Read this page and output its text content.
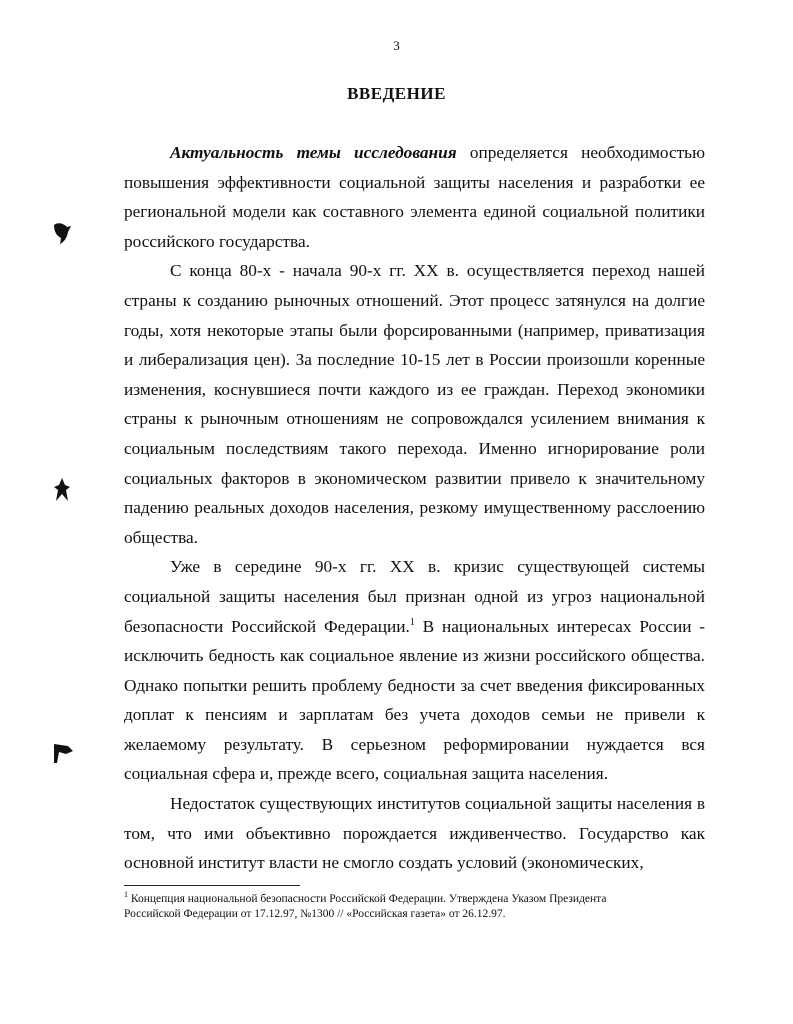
3
ВВЕДЕНИЕ

Актуальность темы исследования определяется необходимостью повышения эффективности социальной защиты населения и разработки ее региональной модели как составного элемента единой социальной политики российского государства.

С конца 80-х - начала 90-х гг. XX в. осуществляется переход нашей страны к созданию рыночных отношений. Этот процесс затянулся на долгие годы, хотя некоторые этапы были форсированными (например, приватизация и либерализация цен). За последние 10-15 лет в России произошли коренные изменения, коснувшиеся почти каждого из ее граждан. Переход экономики страны к рыночным отношениям не сопровождался усилением внимания к социальным последствиям такого перехода. Именно игнорирование роли социальных факторов в экономическом развитии привело к значительному падению реальных доходов населения, резкому имущественному расслоению общества.

Уже в середине 90-х гг. XX в. кризис существующей системы социальной защиты населения был признан одной из угроз национальной безопасности Российской Федерации.$^1$ В национальных интересах России - исключить бедность как социальное явление из жизни российского общества. Однако попытки решить проблему бедности за счет введения фиксированных доплат к пенсиям и зарплатам без учета доходов семьи не привели к желаемому результату. В серьезном реформировании нуждается вся социальная сфера и, прежде всего, социальная защита населения.

Недостаток существующих институтов социальной защиты населения в том, что ими объективно порождается иждивенчество. Государство как основной институт власти не смогло создать условий (экономических,

$^1$ Концепция национальной безопасности Российской Федерации. Утверждена Указом Президента
Российской Федерации от 17.12.97, №1300 // «Российская газета» от 26.12.97.
